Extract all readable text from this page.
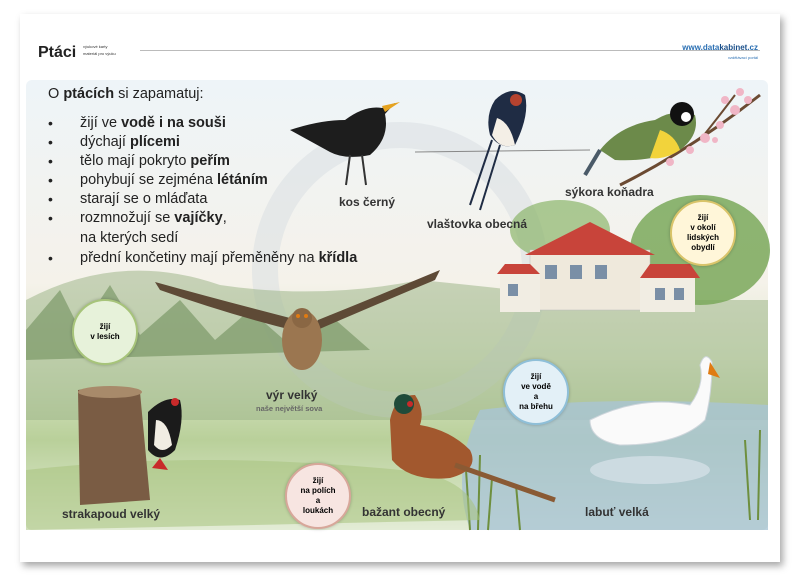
Ptáci výukové karty
materiál pro výuku
www.datakabinet.cz
vzdělávací portál
O ptácích si zapamatuj:
• žijí ve vodě i na souši
• dýchají plícemi
• tělo mají pokryto peřím
• pohybují se zejména létáním
• starají se o mláďata
• rozmnožují se vajíčky,
na kterých sedí
• přední končetiny mají přeměněny na křídla
kos černý
vlaštovka obecná
sýkora koňadra
výr velký
naše největší sova
strakapoud velký	bažant obecný	labuť velká
žijí
v okolí
lidských
obydlí
žijí
v lesích
žijí
ve vodě
a
na břehu
žijí
na polích
a
loukách
